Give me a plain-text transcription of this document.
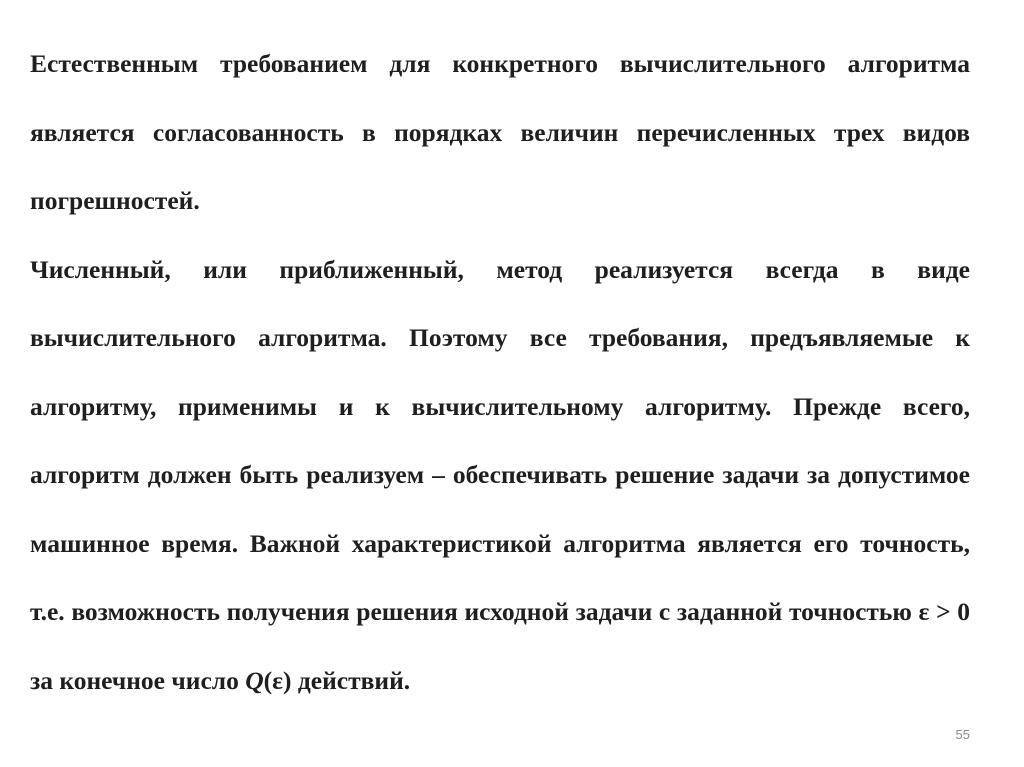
Естественным требованием для конкретного вычислительного алгоритма является согласованность в порядках величин перечисленных трех видов погрешностей.

Численный, или приближенный, метод реализуется всегда в виде вычислительного алгоритма. Поэтому все требования, предъявляемые к алгоритму, применимы и к вычислительному алгоритму. Прежде всего, алгоритм должен быть реализуем – обеспечивать решение задачи за допустимое машинное время. Важной характеристикой алгоритма является его точность, т.е. возможность получения решения исходной задачи с заданной точностью ε > 0 за конечное число Q(ε) действий.

55
